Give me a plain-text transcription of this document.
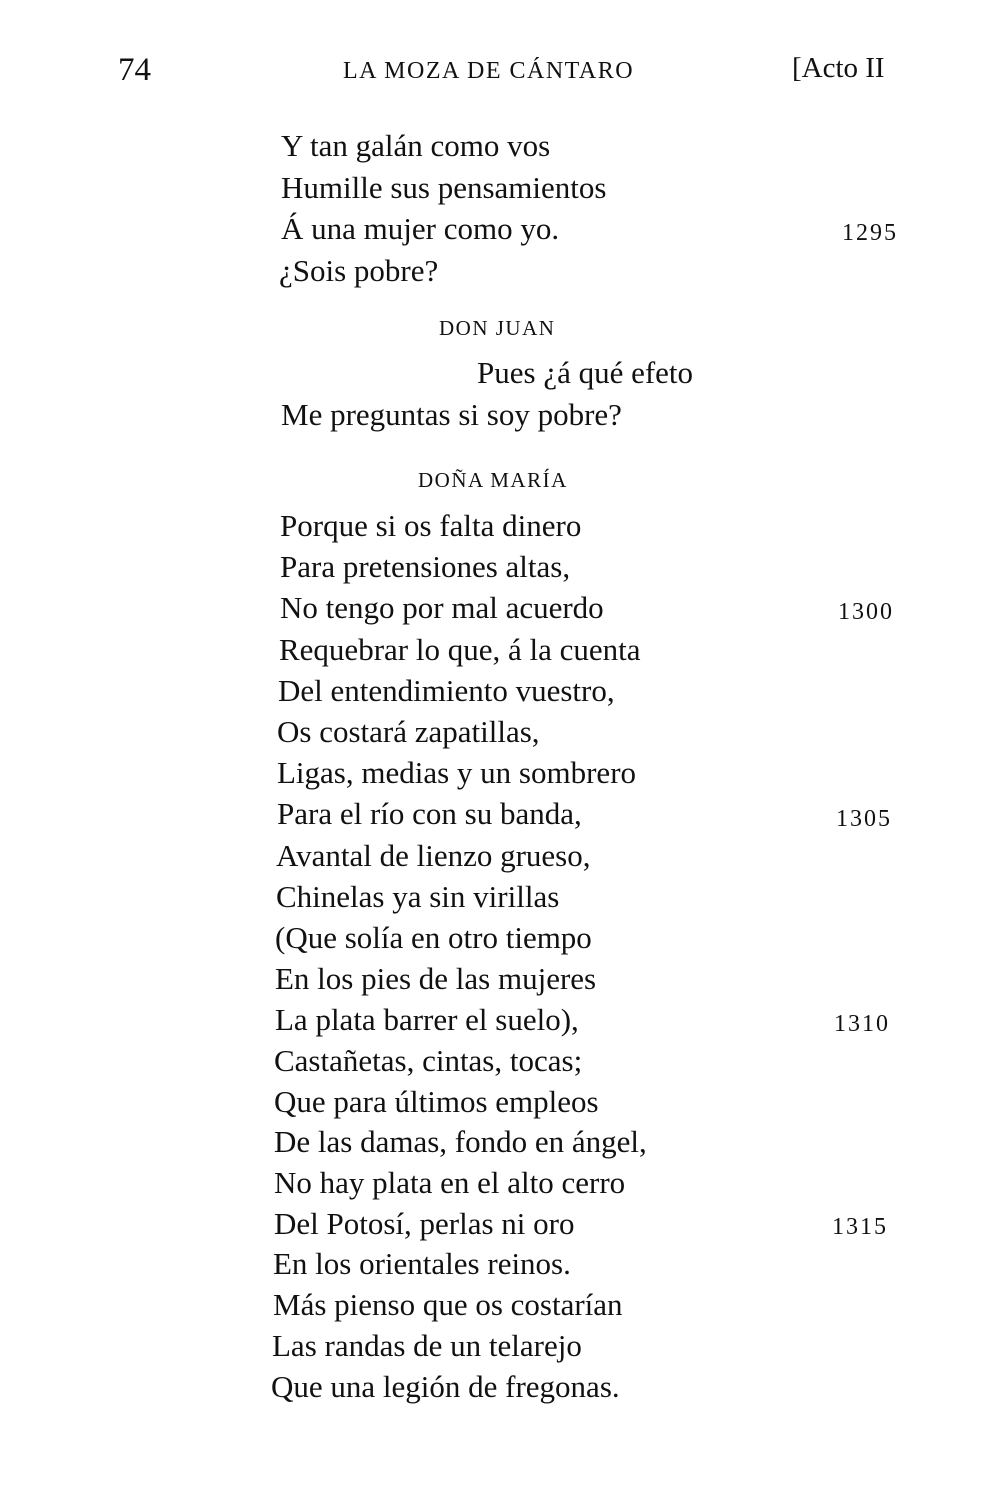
74	LA MOZA DE CÁNTARO	[Acto II
Y tan galán como vos
Humille sus pensamientos
Á una mujer como yo.	1295
¿Sois pobre?
DON JUAN
Pues ¿á qué efeto
Me preguntas si soy pobre?
DOÑA MARÍA
Porque si os falta dinero
Para pretensiones altas,
No tengo por mal acuerdo	1300
Requebrar lo que, á la cuenta
Del entendimiento vuestro,
Os costará zapatillas,
Ligas, medias y un sombrero
Para el río con su banda,	1305
Avantal de lienzo grueso,
Chinelas ya sin virillas
(Que solía en otro tiempo
En los pies de las mujeres
La plata barrer el suelo),	1310
Castañetas, cintas, tocas;
Que para últimos empleos
De las damas, fondo en ángel,
No hay plata en el alto cerro
Del Potosí, perlas ni oro	1315
En los orientales reinos.
Más pienso que os costarían
Las randas de un telarejo
Que una legión de fregonas.
